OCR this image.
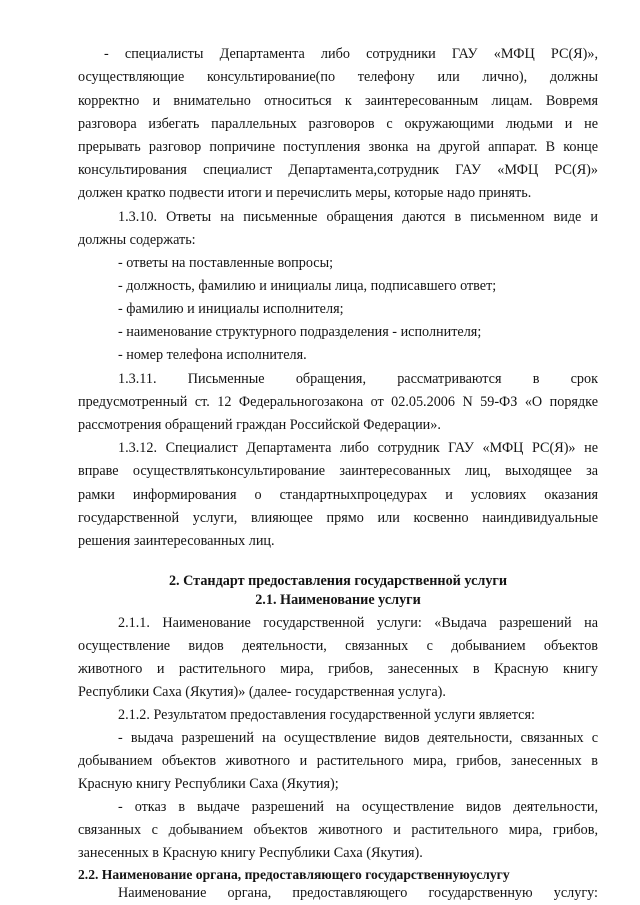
- специалисты Департамента либо сотрудники ГАУ «МФЦ РС(Я)»,
осуществляющие консультирование(по телефону или лично), должны
корректно и внимательно относиться к заинтересованным лицам. Вовремя
разговора избегать параллельных разговоров с окружающими людьми и не
прерывать разговор попричине поступления звонка на другой аппарат. В конце
консультирования специалист Департамента,сотрудник ГАУ «МФЦ РС(Я)»
должен кратко подвести итоги и перечислить меры, которые надо принять.
1.3.10. Ответы на письменные обращения даются в письменном виде и
должны содержать:
- ответы на поставленные вопросы;
- должность, фамилию и инициалы лица, подписавшего ответ;
- фамилию и инициалы исполнителя;
- наименование структурного подразделения - исполнителя;
- номер телефона исполнителя.
1.3.11. Письменные обращения, рассматриваются в срок
предусмотренный ст. 12 Федеральногозакона от 02.05.2006 N 59-ФЗ «О порядке
рассмотрения обращений граждан Российской Федерации».
1.3.12. Специалист Департамента либо сотрудник ГАУ «МФЦ РС(Я)» не
вправе осуществлятьконсультирование заинтересованных лиц, выходящее за
рамки информирования о стандартныхпроцедурах и условиях оказания
государственной услуги, влияющее прямо или косвенно наиндивидуальные
решения заинтересованных лиц.
2. Стандарт предоставления государственной услуги
2.1. Наименование услуги
2.1.1. Наименование государственной услуги: «Выдача разрешений на
осуществление видов деятельности, связанных с добыванием объектов
животного и растительного мира, грибов, занесенных в Красную книгу
Республики Саха (Якутия)» (далее- государственная услуга).
2.1.2. Результатом предоставления государственной услуги является:
- выдача разрешений на осуществление видов деятельности, связанных с
добыванием объектов животного и растительного мира, грибов, занесенных в
Красную книгу Республики Саха (Якутия);
- отказ в выдаче разрешений на осуществление видов деятельности,
связанных с добыванием объектов животного и растительного мира, грибов,
занесенных в Красную книгу Республики Саха (Якутия).
2.2. Наименование органа, предоставляющего государственнуюуслугу
Наименование органа, предоставляющего государственную услугу:
